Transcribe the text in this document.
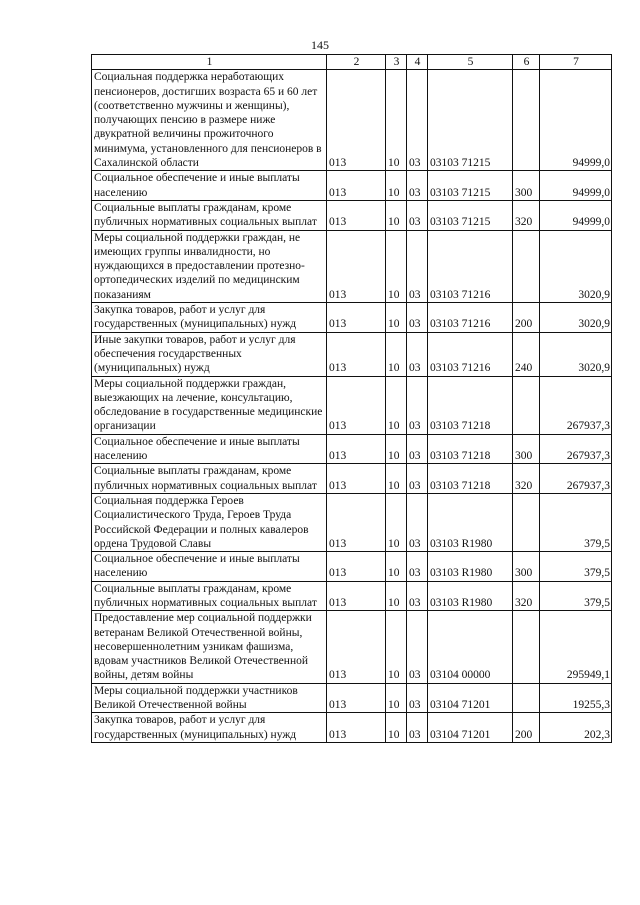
145
1	2	3	4	5	6	7
Социальная поддержка неработающих пенсионеров, достигших возраста 65 и 60 лет (соответственно мужчины и женщины), получающих пенсию в размере ниже двукратной величины прожиточного минимума, установленного для пенсионеров в Сахалинской области	013	10	03	03103 71215		94999,0
Социальное обеспечение и иные выплаты населению	013	10	03	03103 71215	300	94999,0
Социальные выплаты гражданам, кроме публичных нормативных социальных выплат	013	10	03	03103 71215	320	94999,0
Меры социальной поддержки граждан, не имеющих группы инвалидности, но нуждающихся в предоставлении протезно-ортопедических изделий по медицинским показаниям	013	10	03	03103 71216		3020,9
Закупка товаров, работ и услуг для государственных (муниципальных) нужд	013	10	03	03103 71216	200	3020,9
Иные закупки товаров, работ и услуг для обеспечения государственных (муниципальных) нужд	013	10	03	03103 71216	240	3020,9
Меры социальной поддержки граждан, выезжающих на лечение, консультацию, обследование в государственные медицинские организации	013	10	03	03103 71218		267937,3
Социальное обеспечение и иные выплаты населению	013	10	03	03103 71218	300	267937,3
Социальные выплаты гражданам, кроме публичных нормативных социальных выплат	013	10	03	03103 71218	320	267937,3
Социальная поддержка Героев Социалистического Труда, Героев Труда Российской Федерации и полных кавалеров ордена Трудовой Славы	013	10	03	03103 R1980		379,5
Социальное обеспечение и иные выплаты населению	013	10	03	03103 R1980	300	379,5
Социальные выплаты гражданам, кроме публичных нормативных социальных выплат	013	10	03	03103 R1980	320	379,5
Предоставление мер социальной поддержки ветеранам Великой Отечественной войны, несовершеннолетним узникам фашизма, вдовам участников Великой Отечественной войны, детям войны	013	10	03	03104 00000		295949,1
Меры социальной поддержки участников Великой Отечественной войны	013	10	03	03104 71201		19255,3
Закупка товаров, работ и услуг для государственных (муниципальных) нужд	013	10	03	03104 71201	200	202,3
